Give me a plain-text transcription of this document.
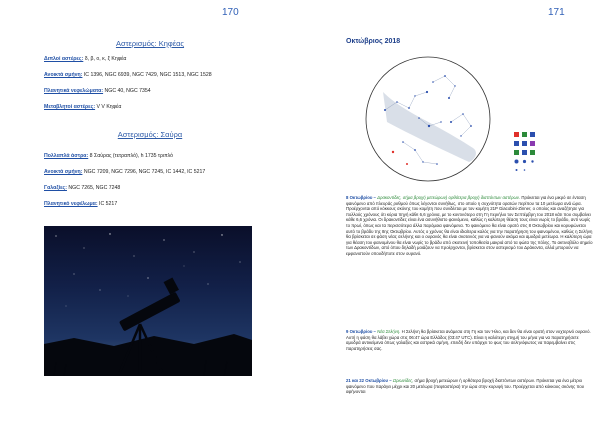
170
Αστερισμός: Κηφέας
Διπλοί αστέρες: δ, β, ο, κ, ξ Κηφέα
Ανοικτά σμήνη: IC 1396, NGC 6939, NGC 7429, NGC 1513, NGC 1528
Πλανητικά νεφελώματα: NGC 40, NGC 7354
Μεταβλητοί αστέρες: V V Κηφέα
Αστερισμός: Σαύρα
Πολλαπλά άστρα: 8 Σαύρας (τετραπλό), h 1735 τριπλό
Ανοικτά σμήνη: NGC 7209, NGC 7296, NGC 7245, IC 1442, IC 5217
Γαλαξίες: NGC 7265, NGC 7248
Πλανητικό νεφέλωμα: IC 5217
171
Οκτώβριος 2018
8 Οκτωβρίου – Δρακοντίδες, σήμα βροχή μετεώρων) ορθότερα βροχή διαττόντων αστέρων. Πρόκειται για ένα μικρό σε ένταση φαινόμενο από πλευράς ρυθμού όπως λέγονται συνήθως, στο οποίο η συχνότητα ορατών περίπου τα 10 μετέωρα ανά ώρα. Προέρχονται από κόκκους σκόνης του κομήτη που συνδέεται με τον κομήτη 21P Giacobini-Zinner, ο οποίος και αναζήτησε για πολλούς χρόνους ότι κύρια πηγή κάθε 6,6 χρόνια, με το κοντινότερο στη Γη περιήλιο τον Σεπτέμβρη του 2018 κάτι που συμβαίνει κάθε 6,6 χρόνια. Οι δρακοντίδες είναι ένα ασυνήθιστο φαινόμενο, καθώς η καλύτερη θέαση τους είναι νωρίς το βράδυ, αντί νωρίς το πρωί, όπως και τα περισσότερα άλλα παρόμοια φαινόμενα. Το φαινόμενο θα είναι ορατό στις 8 Οκτωβρίου και κορυφώνεται αυτό το βράδυ της 8ης Οκτωβρίου. Αυτός ο χρόνος θα είναι ιδιαίτερα καλός για την παρατήρηση του φαινομένου, καθώς η Σελήνη θα βρίσκεται σε φάση νέας σελήνης και ο ουρανός θα είναι σκοτεινός για να φανούν ακόμα και αμυδρά μετέωρα. Η καλύτερη ώρα για θέαση του φαινομένου θα είναι νωρίς το βράδυ από σκοτεινή τοποθεσία μακριά από τα φώτα της πόλης. Το ακτινοβόλο σημείο των Δρακοντίδων, από όπου δηλαδή μοιάζουν να προέρχονται, βρίσκεται στον αστερισμό του Δράκοντα, αλλά μπορούν να εμφανιστούν οπουδήποτε στον ουρανό.
9 Οκτωβρίου – Νέα Σελήνη. Η Σελήνη θα βρίσκεται ανάμεσα στη Γη και τον Ήλιο, και δεν θα είναι ορατή στον νυχτερινό ουρανό. Αυτή η φάση θα λάβει χώρα στις 06:47 ώρα Ελλάδος (03:47 UTC). Είναι η καλύτερη στιγμή του μήνα για να παρατηρήσετε αμυδρά αντικείμενα όπως γαλαξίες και αστρικά σμήνη, επειδή δεν υπάρχει το φως του σεληνόφωτος να παρεμβαίνει στις παρατηρήσεις σας.
21 και 22 Οκτωβρίου – Ωριωνίδες, σήμα βροχή μετεώρων ή ορθότερα βροχή διαττόντων αστέρων. Πρόκειται για ένα μέτριο φαινόμενο που παράγει μέχρι και 20 μετέωρα (πεφταστέρια) την ώρα στην κορυφή του. Προέρχεται από κόκκους σκόνης που αφήνονται
